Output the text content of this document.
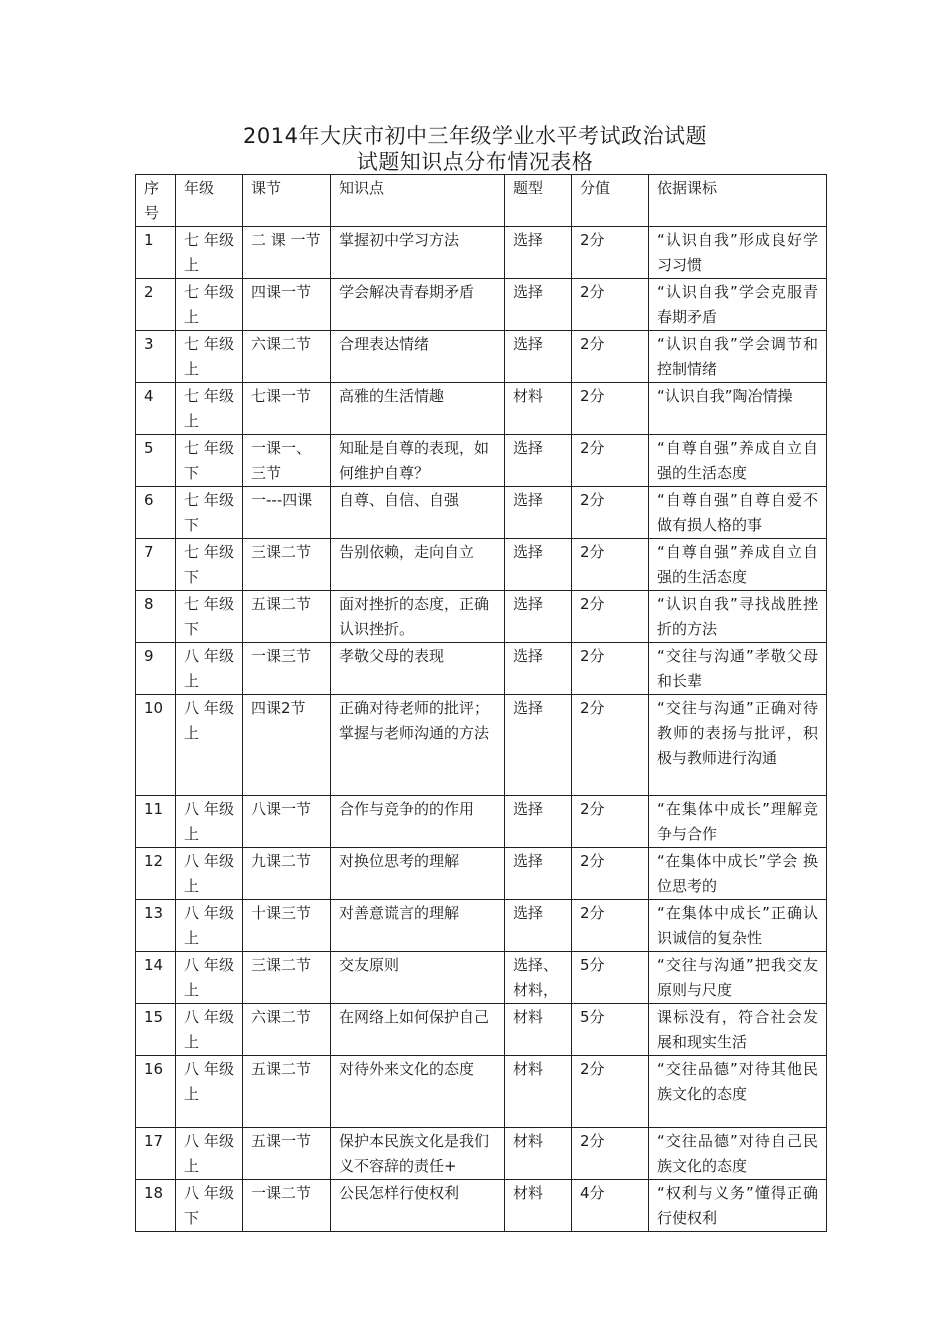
2014年大庆市初中三年级学业水平考试政治试题
试题知识点分布情况表格
序号	年级	课节	知识点	题型	分值	依据课标
1	七 年级上	二 课 一节	掌握初中学习方法	选择	2分	“认识自我”形成良好学习习惯
2	七 年级上	四课一节	学会解决青春期矛盾	选择	2分	“认识自我”学会克服青春期矛盾
3	七 年级上	六课二节	合理表达情绪	选择	2分	“认识自我”学会调节和控制情绪
4	七 年级上	七课一节	高雅的生活情趣	材料	2分	“认识自我”陶冶情操
5	七 年级下	一课一、三节	知耻是自尊的表现，如何维护自尊？	选择	2分	“自尊自强”养成自立自强的生活态度
6	七 年级下	一---四课	自尊、自信、自强	选择	2分	“自尊自强”自尊自爱不做有损人格的事
7	七 年级下	三课二节	告别依赖，走向自立	选择	2分	“自尊自强”养成自立自强的生活态度
8	七 年级下	五课二节	面对挫折的态度，正确认识挫折。	选择	2分	“认识自我”寻找战胜挫折的方法
9	八 年级上	一课三节	孝敬父母的表现	选择	2分	“交往与沟通”孝敬父母和长辈
10	八 年级上	四课2节	正确对待老师的批评；掌握与老师沟通的方法	选择	2分	“交往与沟通”正确对待教师的表扬与批评，积极与教师进行沟通
11	八 年级上	八课一节	合作与竞争的的作用	选择	2分	“在集体中成长”理解竞争与合作
12	八 年级上	九课二节	对换位思考的理解	选择	2分	“在集体中成长”学会 换位思考的
13	八 年级上	十课三节	对善意谎言的理解	选择	2分	“在集体中成长”正确认识诚信的复杂性
14	八 年级上	三课二节	交友原则	选择、材料，	5分	“交往与沟通”把我交友原则与尺度
15	八 年级上	六课二节	在网络上如何保护自己	材料	5分	课标没有，符合社会发展和现实生活
16	八 年级上	五课二节	对待外来文化的态度	材料	2分	“交往品德”对待其他民族文化的态度
17	八 年级上	五课一节	保护本民族文化是我们义不容辞的责任+	材料	2分	“交往品德”对待自己民族文化的态度
18	八 年级下	一课二节	公民怎样行使权利	材料	4分	“权利与义务”懂得正确行使权利
